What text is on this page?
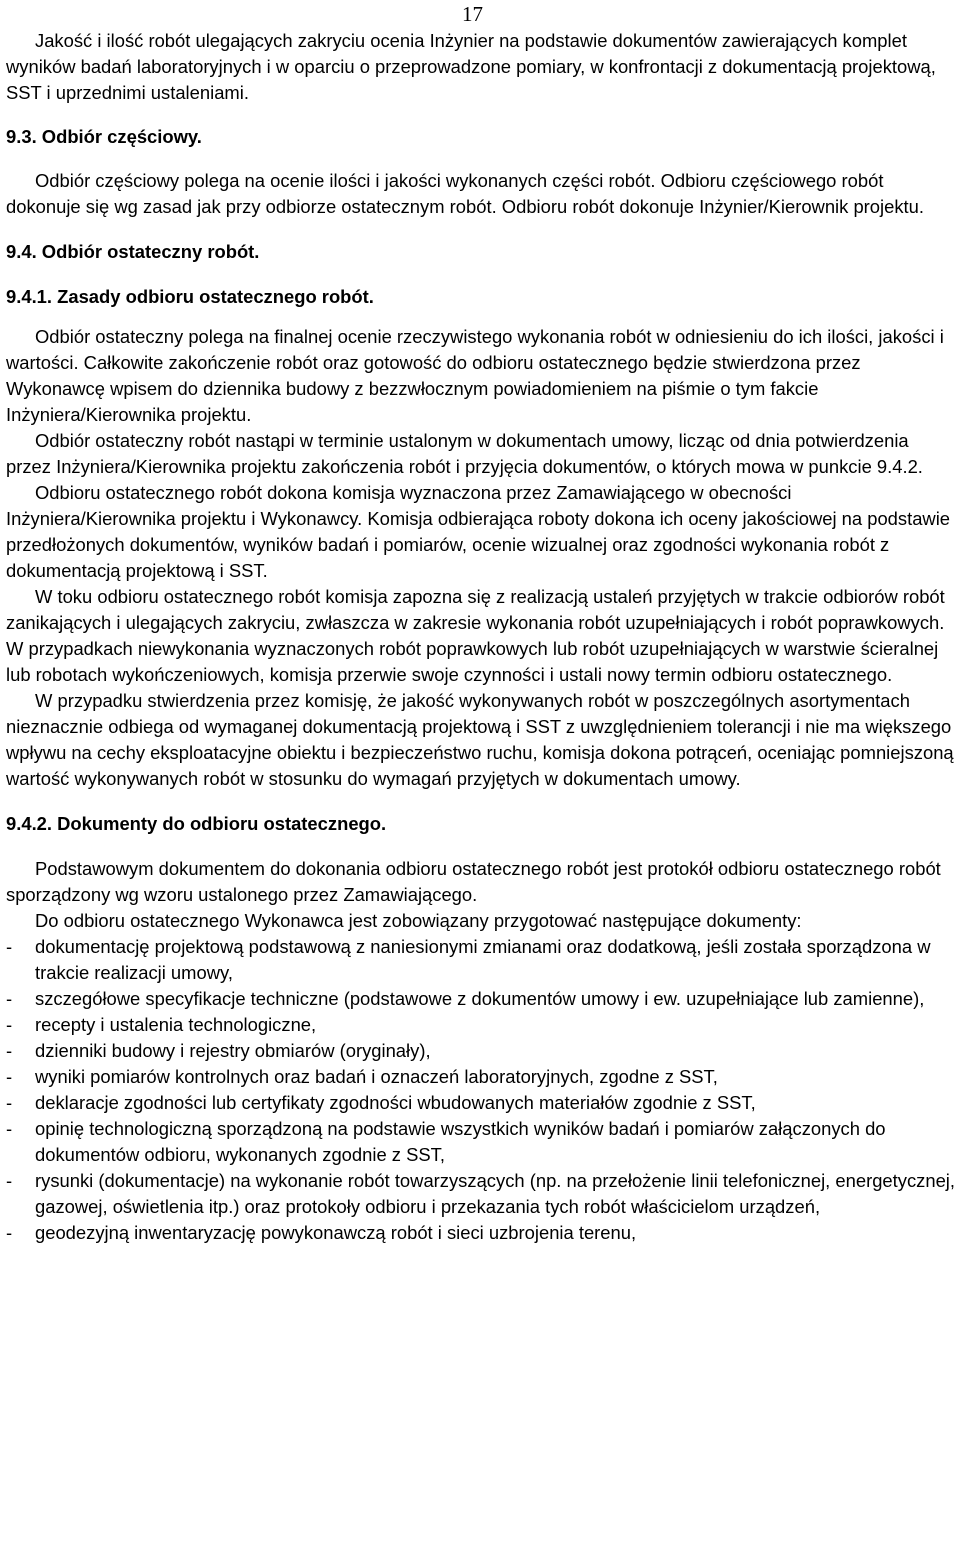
17

Jakość i ilość robót ulegających zakryciu ocenia Inżynier na podstawie dokumentów zawierających komplet wyników badań laboratoryjnych i w oparciu o przeprowadzone pomiary, w konfrontacji z dokumentacją projektową, SST i uprzednimi ustaleniami.

9.3. Odbiór częściowy.

Odbiór częściowy polega na ocenie ilości i jakości wykonanych części robót. Odbioru częściowego robót dokonuje się wg zasad jak przy odbiorze ostatecznym robót. Odbioru robót dokonuje Inżynier/Kierownik projektu.

9.4. Odbiór ostateczny robót.
9.4.1. Zasady odbioru ostatecznego robót.

Odbiór ostateczny polega na finalnej ocenie rzeczywistego wykonania robót w odniesieniu do ich ilości, jakości i wartości. Całkowite zakończenie robót oraz gotowość do odbioru ostatecznego będzie stwierdzona przez Wykonawcę wpisem do dziennika budowy z bezzwłocznym powiadomieniem na piśmie o tym fakcie Inżyniera/Kierownika projektu.

Odbiór ostateczny robót nastąpi w terminie ustalonym w dokumentach umowy, licząc od dnia potwierdzenia przez Inżyniera/Kierownika projektu zakończenia robót i przyjęcia dokumentów, o których mowa w punkcie 9.4.2.

Odbioru ostatecznego robót dokona komisja wyznaczona przez Zamawiającego w obecności

Inżyniera/Kierownika projektu i Wykonawcy. Komisja odbierająca roboty dokona ich oceny jakościowej na podstawie przedłożonych dokumentów, wyników badań i pomiarów, ocenie wizualnej oraz zgodności wykonania robót z dokumentacją projektową i SST.

W toku odbioru ostatecznego robót komisja zapozna się z realizacją ustaleń przyjętych w trakcie odbiorów robót zanikających i ulegających zakryciu, zwłaszcza w zakresie wykonania robót uzupełniających i robót poprawkowych. W przypadkach niewykonania wyznaczonych robót poprawkowych lub robót uzupełniających w warstwie ścieralnej lub robotach wykończeniowych, komisja przerwie swoje czynności i ustali nowy termin odbioru ostatecznego.

W przypadku stwierdzenia przez komisję, że jakość wykonywanych robót w poszczególnych asortymentach nieznacznie odbiega od wymaganej dokumentacją projektową i SST z uwzględnieniem tolerancji i nie ma większego wpływu na cechy eksploatacyjne obiektu i bezpieczeństwo ruchu, komisja dokona potrąceń, oceniając pomniejszoną wartość wykonywanych robót w stosunku do wymagań przyjętych w dokumentach umowy.

9.4.2. Dokumenty do odbioru ostatecznego.

Podstawowym dokumentem do dokonania odbioru ostatecznego robót jest protokół odbioru ostatecznego robót sporządzony wg wzoru ustalonego przez Zamawiającego.

Do odbioru ostatecznego Wykonawca jest zobowiązany przygotować następujące dokumenty:

- dokumentację projektową podstawową z naniesionymi zmianami oraz dodatkową, jeśli została sporządzona w trakcie realizacji umowy,
- szczegółowe specyfikacje techniczne (podstawowe z dokumentów umowy i ew. uzupełniające lub zamienne),
- recepty i ustalenia technologiczne,
- dzienniki budowy i rejestry obmiarów (oryginały),
- wyniki pomiarów kontrolnych oraz badań i oznaczeń laboratoryjnych, zgodne z SST,
- deklaracje zgodności lub certyfikaty zgodności wbudowanych materiałów zgodnie z SST,
- opinię technologiczną sporządzoną na podstawie wszystkich wyników badań i pomiarów załączonych do dokumentów odbioru, wykonanych zgodnie z SST,
- rysunki (dokumentacje) na wykonanie robót towarzyszących (np. na przełożenie linii telefonicznej, energetycznej, gazowej, oświetlenia itp.) oraz protokoły odbioru i przekazania tych robót właścicielom urządzeń,
- geodezyjną inwentaryzację powykonawczą robót i sieci uzbrojenia terenu,
